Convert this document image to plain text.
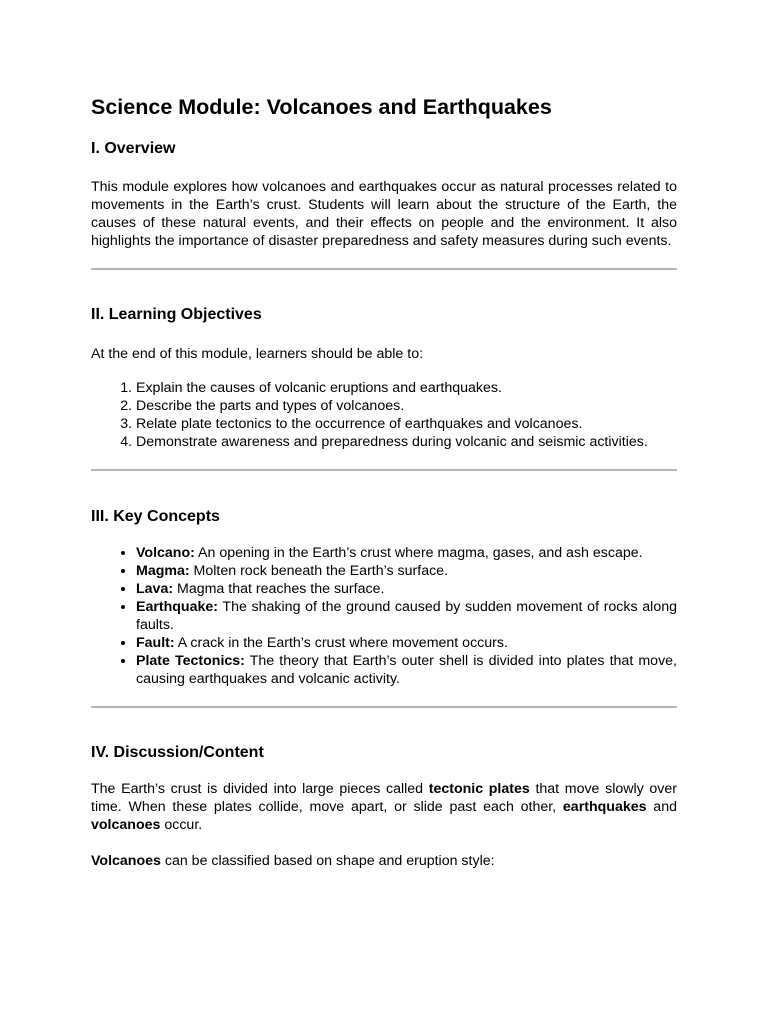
Science Module: Volcanoes and Earthquakes
I. Overview

This module explores how volcanoes and earthquakes occur as natural processes related to movements in the Earth’s crust. Students will learn about the structure of the Earth, the causes of these natural events, and their effects on people and the environment. It also highlights the importance of disaster preparedness and safety measures during such events.

II. Learning Objectives

At the end of this module, learners should be able to:

1. Explain the causes of volcanic eruptions and earthquakes.
2. Describe the parts and types of volcanoes.
3. Relate plate tectonics to the occurrence of earthquakes and volcanoes.
4. Demonstrate awareness and preparedness during volcanic and seismic activities.
III. Key Concepts
• Volcano: An opening in the Earth’s crust where magma, gases, and ash escape.
• Magma: Molten rock beneath the Earth’s surface.
• Lava: Magma that reaches the surface.
• Earthquake: The shaking of the ground caused by sudden movement of rocks along faults.
• Fault: A crack in the Earth’s crust where movement occurs.
• Plate Tectonics: The theory that Earth’s outer shell is divided into plates that move, causing earthquakes and volcanic activity.
IV. Discussion/Content

The Earth’s crust is divided into large pieces called tectonic plates that move slowly over time. When these plates collide, move apart, or slide past each other, earthquakes and volcanoes occur.

Volcanoes can be classified based on shape and eruption style:
